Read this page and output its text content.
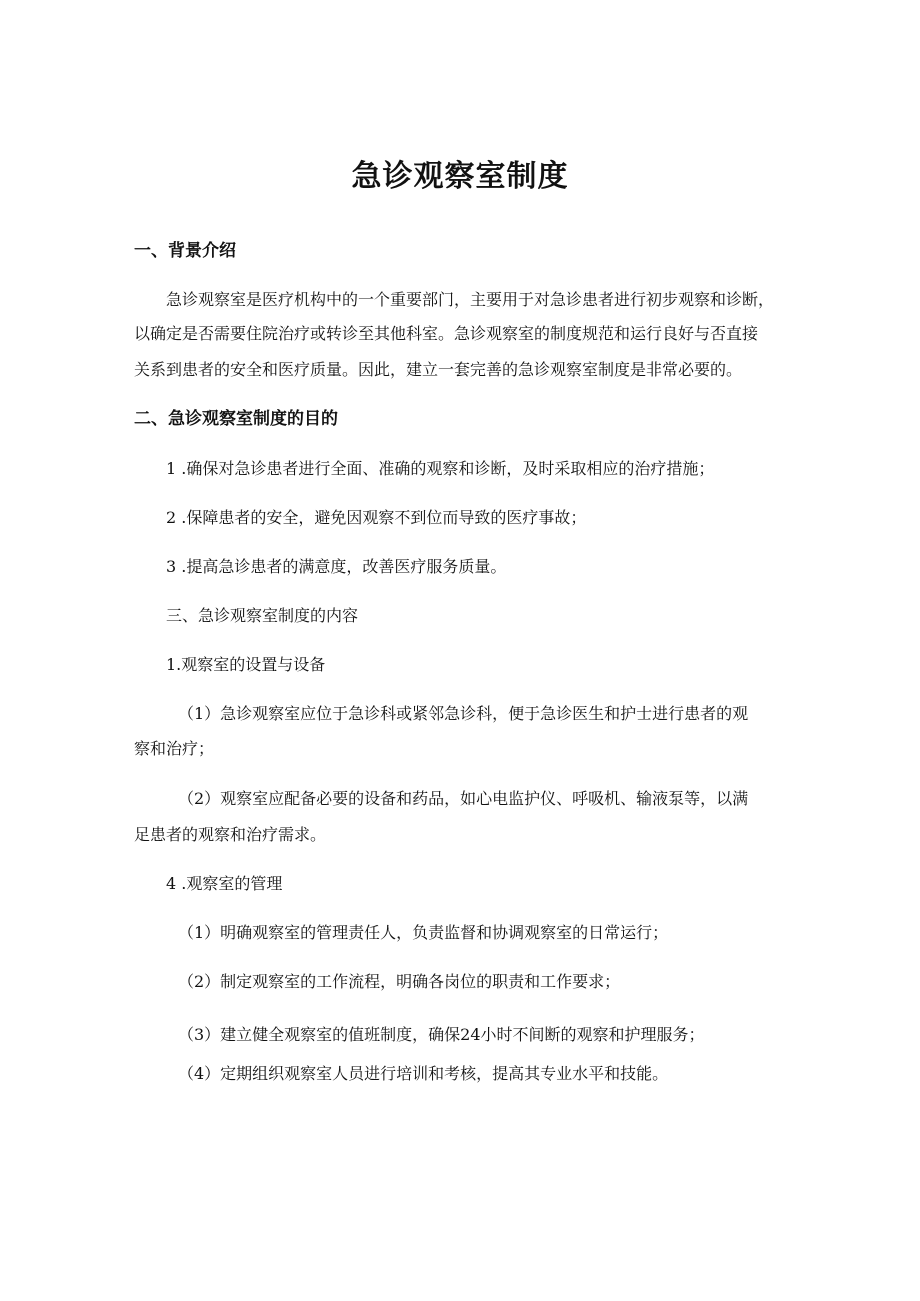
急诊观察室制度
一、背景介绍
急诊观察室是医疗机构中的一个重要部门，主要用于对急诊患者进行初步观察和诊断，
以确定是否需要住院治疗或转诊至其他科室。急诊观察室的制度规范和运行良好与否直接
关系到患者的安全和医疗质量。因此，建立一套完善的急诊观察室制度是非常必要的。
二、急诊观察室制度的目的
1 .确保对急诊患者进行全面、准确的观察和诊断，及时采取相应的治疗措施；
2 .保障患者的安全，避免因观察不到位而导致的医疗事故；
3 .提高急诊患者的满意度，改善医疗服务质量。
三、急诊观察室制度的内容
1.观察室的设置与设备
（1）急诊观察室应位于急诊科或紧邻急诊科，便于急诊医生和护士进行患者的观
察和治疗；
（2）观察室应配备必要的设备和药品，如心电监护仪、呼吸机、输液泵等，以满
足患者的观察和治疗需求。
4 .观察室的管理
（1）明确观察室的管理责任人，负责监督和协调观察室的日常运行；
（2）制定观察室的工作流程，明确各岗位的职责和工作要求；
（3）建立健全观察室的值班制度，确保24小时不间断的观察和护理服务；
（4）定期组织观察室人员进行培训和考核，提高其专业水平和技能。
